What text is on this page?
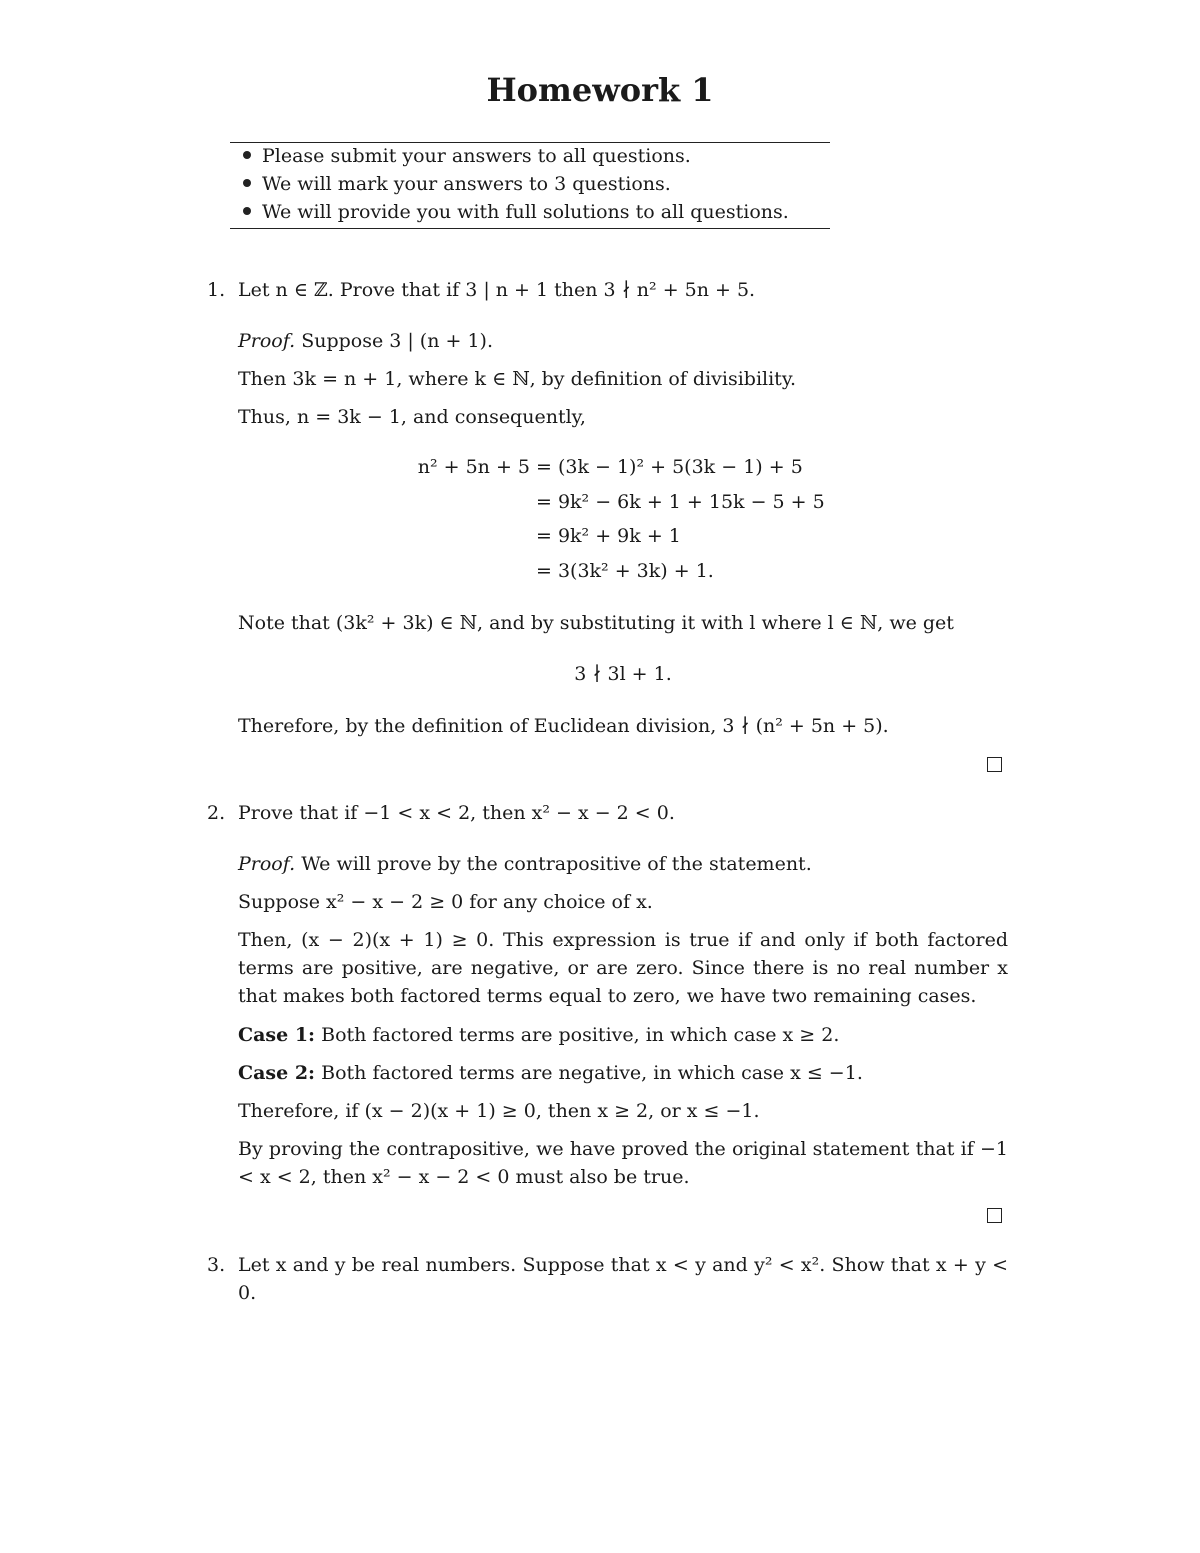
Homework 1
Please submit your answers to all questions.
We will mark your answers to 3 questions.
We will provide you with full solutions to all questions.
1. Let n ∈ ℤ. Prove that if 3 | n + 1 then 3 ∤ n² + 5n + 5.
Proof. Suppose 3 | (n + 1).
Then 3k = n + 1, where k ∈ ℕ, by definition of divisibility.
Thus, n = 3k − 1, and consequently,
n² + 5n + 5 = (3k − 1)² + 5(3k − 1) + 5
= 9k² − 6k + 1 + 15k − 5 + 5
= 9k² + 9k + 1
= 3(3k² + 3k) + 1.
Note that (3k² + 3k) ∈ ℕ, and by substituting it with l where l ∈ ℕ, we get
3 ∤ 3l + 1.
Therefore, by the definition of Euclidean division, 3 ∤ (n² + 5n + 5).
2. Prove that if −1 < x < 2, then x² − x − 2 < 0.
Proof. We will prove by the contrapositive of the statement.
Suppose x² − x − 2 ≥ 0 for any choice of x.
Then, (x − 2)(x + 1) ≥ 0. This expression is true if and only if both factored terms are positive, are negative, or are zero. Since there is no real number x that makes both factored terms equal to zero, we have two remaining cases.
Case 1: Both factored terms are positive, in which case x ≥ 2.
Case 2: Both factored terms are negative, in which case x ≤ −1.
Therefore, if (x − 2)(x + 1) ≥ 0, then x ≥ 2, or x ≤ −1.
By proving the contrapositive, we have proved the original statement that if −1 < x < 2, then x² − x − 2 < 0 must also be true.
3. Let x and y be real numbers. Suppose that x < y and y² < x². Show that x + y < 0.
